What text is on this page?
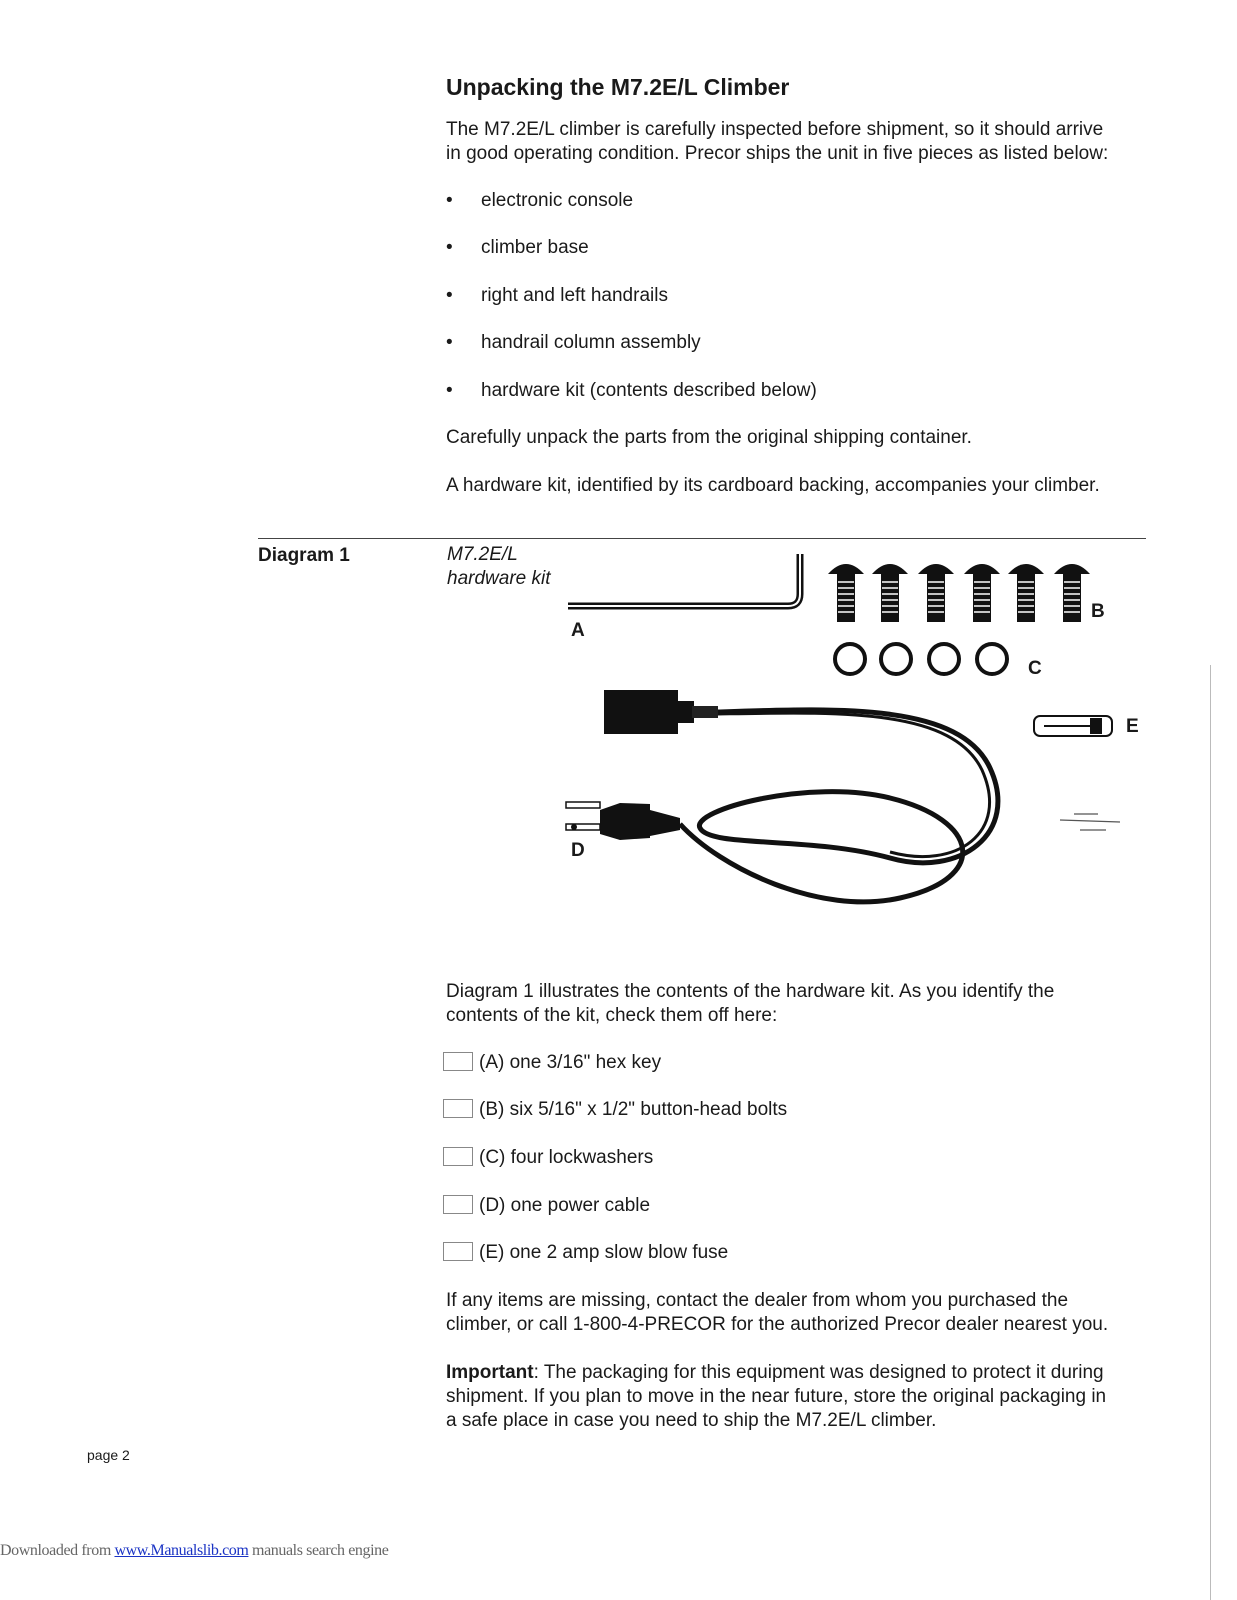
Unpacking the M7.2E/L Climber
The M7.2E/L climber is carefully inspected before shipment, so it should arrive
in good operating condition. Precor ships the unit in five pieces as listed below:
• electronic console
• climber base
• right and left handrails
• handrail column assembly
• hardware kit (contents described below)
Carefully unpack the parts from the original shipping container.
A hardware kit, identified by its cardboard backing, accompanies your climber.
Diagram 1	M7.2E/L
hardware kit
A
B
C
D
E
Diagram 1 illustrates the contents of the hardware kit. As you identify the
contents of the kit, check them off here:
(A) one 3/16" hex key
(B) six 5/16" x 1/2" button-head bolts
(C) four lockwashers
(D) one power cable
(E) one 2 amp slow blow fuse
If any items are missing, contact the dealer from whom you purchased the
climber, or call 1-800-4-PRECOR for the authorized Precor dealer nearest you.
Important: The packaging for this equipment was designed to protect it during
shipment. If you plan to move in the near future, store the original packaging in
a safe place in case you need to ship the M7.2E/L climber.
page 2
Downloaded from www.Manualslib.com manuals search engine
